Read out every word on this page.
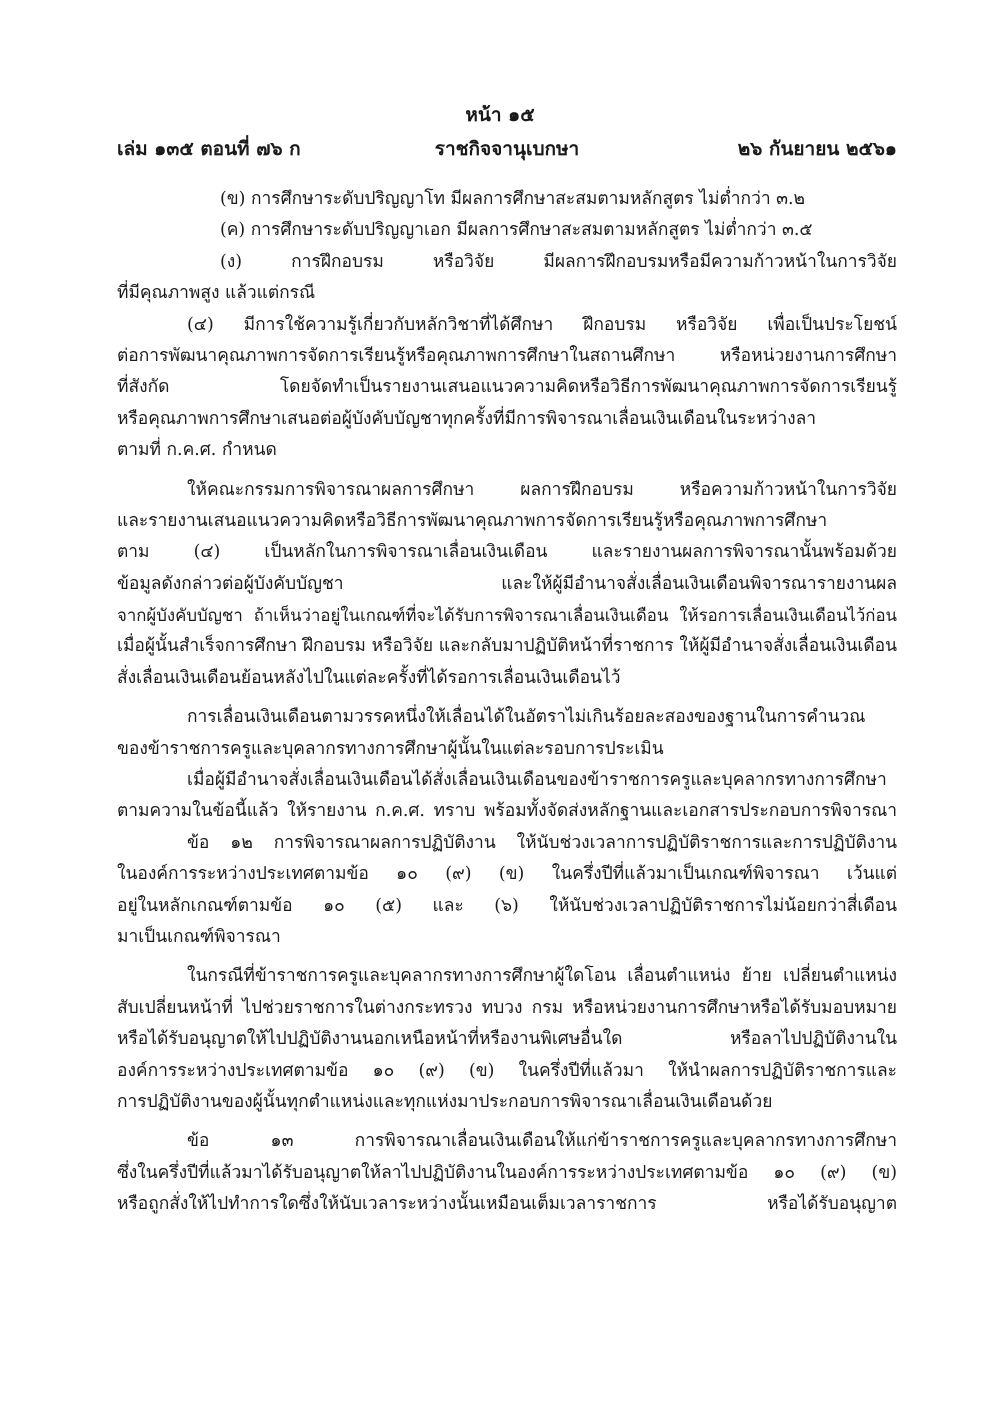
หน้า ๑๕
เล่ม ๑๓๕ ตอนที่ ๗๖ ก	ราชกิจจานุเบกษา	๒๖ กันยายน ๒๕๖๑
(ข) การศึกษาระดับปริญญาโท มีผลการศึกษาสะสมตามหลักสูตร ไม่ต่ำกว่า ๓.๒
(ค) การศึกษาระดับปริญญาเอก มีผลการศึกษาสะสมตามหลักสูตร ไม่ต่ำกว่า ๓.๕
(ง) การฝึกอบรม หรือวิจัย มีผลการฝึกอบรมหรือมีความก้าวหน้าในการวิจัย
ที่มีคุณภาพสูง แล้วแต่กรณี
(๔) มีการใช้ความรู้เกี่ยวกับหลักวิชาที่ได้ศึกษา ฝึกอบรม หรือวิจัย เพื่อเป็นประโยชน์
ต่อการพัฒนาคุณภาพการจัดการเรียนรู้หรือคุณภาพการศึกษาในสถานศึกษา หรือหน่วยงานการศึกษา
ที่สังกัด โดยจัดทำเป็นรายงานเสนอแนวความคิดหรือวิธีการพัฒนาคุณภาพการจัดการเรียนรู้
หรือคุณภาพการศึกษาเสนอต่อผู้บังคับบัญชาทุกครั้งที่มีการพิจารณาเลื่อนเงินเดือนในระหว่างลา
ตามที่ ก.ค.ศ. กำหนด
ให้คณะกรรมการพิจารณาผลการศึกษา ผลการฝึกอบรม หรือความก้าวหน้าในการวิจัย
และรายงานเสนอแนวความคิดหรือวิธีการพัฒนาคุณภาพการจัดการเรียนรู้หรือคุณภาพการศึกษา
ตาม (๔) เป็นหลักในการพิจารณาเลื่อนเงินเดือน และรายงานผลการพิจารณานั้นพร้อมด้วย
ข้อมูลดังกล่าวต่อผู้บังคับบัญชา และให้ผู้มีอำนาจสั่งเลื่อนเงินเดือนพิจารณารายงานผล
จากผู้บังคับบัญชา ถ้าเห็นว่าอยู่ในเกณฑ์ที่จะได้รับการพิจารณาเลื่อนเงินเดือน ให้รอการเลื่อนเงินเดือนไว้ก่อน
เมื่อผู้นั้นสำเร็จการศึกษา ฝึกอบรม หรือวิจัย และกลับมาปฏิบัติหน้าที่ราชการ ให้ผู้มีอำนาจสั่งเลื่อนเงินเดือน
สั่งเลื่อนเงินเดือนย้อนหลังไปในแต่ละครั้งที่ได้รอการเลื่อนเงินเดือนไว้
การเลื่อนเงินเดือนตามวรรคหนึ่งให้เลื่อนได้ในอัตราไม่เกินร้อยละสองของฐานในการคำนวณ
ของข้าราชการครูและบุคลากรทางการศึกษาผู้นั้นในแต่ละรอบการประเมิน
เมื่อผู้มีอำนาจสั่งเลื่อนเงินเดือนได้สั่งเลื่อนเงินเดือนของข้าราชการครูและบุคลากรทางการศึกษา
ตามความในข้อนี้แล้ว ให้รายงาน ก.ค.ศ. ทราบ พร้อมทั้งจัดส่งหลักฐานและเอกสารประกอบการพิจารณา
ข้อ ๑๒ การพิจารณาผลการปฏิบัติงาน ให้นับช่วงเวลาการปฏิบัติราชการและการปฏิบัติงาน
ในองค์การระหว่างประเทศตามข้อ ๑๐ (๙) (ข) ในครึ่งปีที่แล้วมาเป็นเกณฑ์พิจารณา เว้นแต่
อยู่ในหลักเกณฑ์ตามข้อ ๑๐ (๕) และ (๖) ให้นับช่วงเวลาปฏิบัติราชการไม่น้อยกว่าสี่เดือน
มาเป็นเกณฑ์พิจารณา
ในกรณีที่ข้าราชการครูและบุคลากรทางการศึกษาผู้ใดโอน เลื่อนตำแหน่ง ย้าย เปลี่ยนตำแหน่ง
สับเปลี่ยนหน้าที่ ไปช่วยราชการในต่างกระทรวง ทบวง กรม หรือหน่วยงานการศึกษาหรือได้รับมอบหมาย
หรือได้รับอนุญาตให้ไปปฏิบัติงานนอกเหนือหน้าที่หรืองานพิเศษอื่นใด หรือลาไปปฏิบัติงานใน
องค์การระหว่างประเทศตามข้อ ๑๐ (๙) (ข) ในครึ่งปีที่แล้วมา ให้นำผลการปฏิบัติราชการและ
การปฏิบัติงานของผู้นั้นทุกตำแหน่งและทุกแห่งมาประกอบการพิจารณาเลื่อนเงินเดือนด้วย
ข้อ ๑๓ การพิจารณาเลื่อนเงินเดือนให้แก่ข้าราชการครูและบุคลากรทางการศึกษา
ซึ่งในครึ่งปีที่แล้วมาได้รับอนุญาตให้ลาไปปฏิบัติงานในองค์การระหว่างประเทศตามข้อ ๑๐ (๙) (ข)
หรือถูกสั่งให้ไปทำการใดซึ่งให้นับเวลาระหว่างนั้นเหมือนเต็มเวลาราชการ หรือได้รับอนุญาต
